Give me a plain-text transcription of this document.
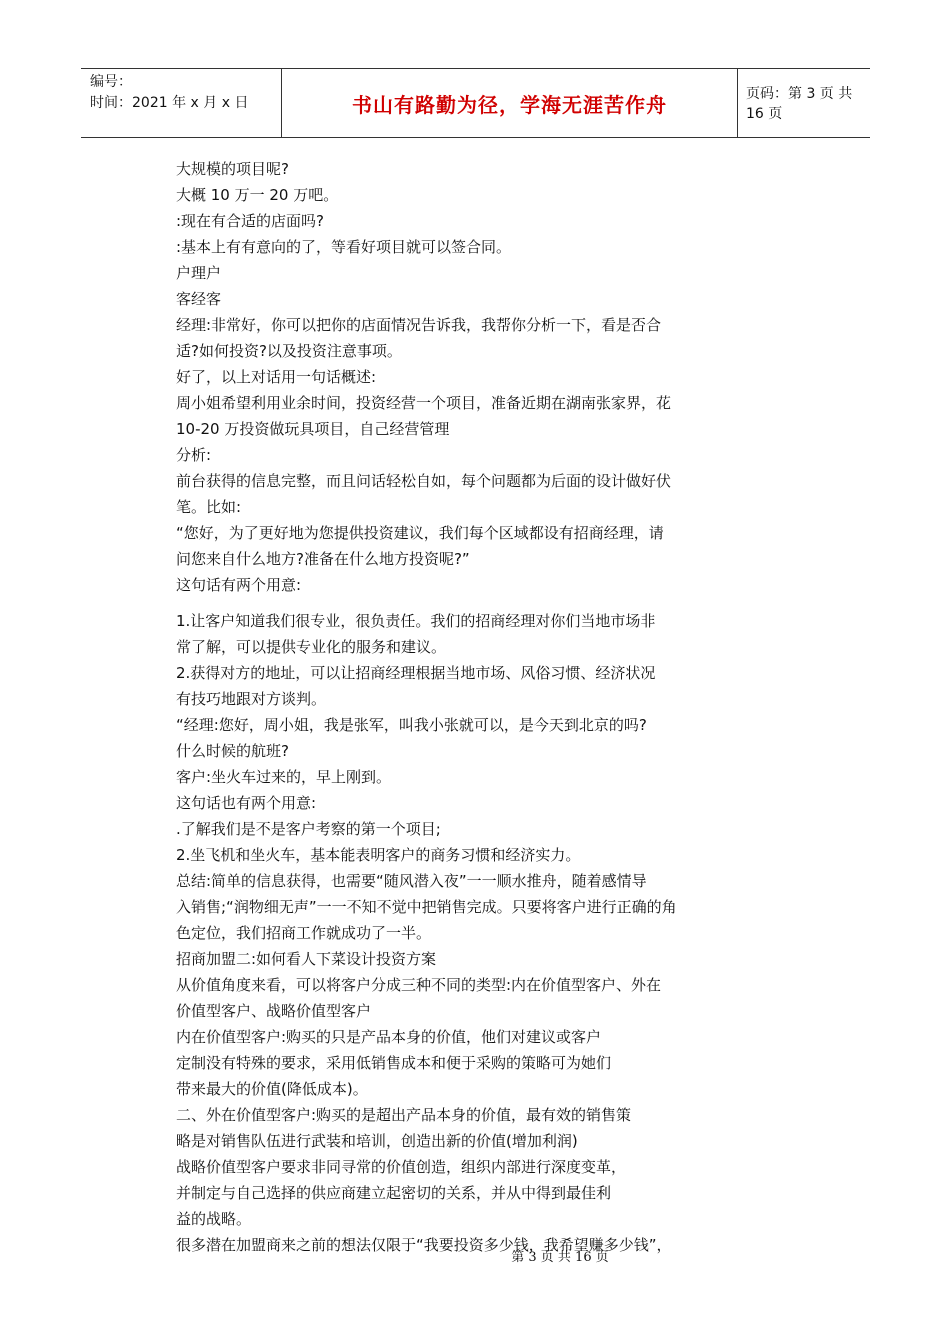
编号：
时间：2021 年 x 月 x 日	书山有路勤为径，学海无涯苦作舟	页码：第 3 页 共 16 页
大规模的项目呢?
大概 10 万一 20 万吧。
:现在有合适的店面吗?
:基本上有有意向的了，等看好项目就可以签合同。
户理户
客经客
经理:非常好，你可以把你的店面情况告诉我，我帮你分析一下，看是否合
适?如何投资?以及投资注意事项。
好了，以上对话用一句话概述:
周小姐希望利用业余时间，投资经营一个项目，准备近期在湖南张家界，花
10-20 万投资做玩具项目，自己经营管理
分析:
前台获得的信息完整，而且问话轻松自如，每个问题都为后面的设计做好伏
笔。比如:
“您好，为了更好地为您提供投资建议，我们每个区域都设有招商经理，请
问您来自什么地方?准备在什么地方投资呢?”
这句话有两个用意:
1.让客户知道我们很专业，很负责任。我们的招商经理对你们当地市场非
常了解，可以提供专业化的服务和建议。
2.获得对方的地址，可以让招商经理根据当地市场、风俗习惯、经济状况
有技巧地跟对方谈判。
“经理:您好，周小姐，我是张军，叫我小张就可以，是今天到北京的吗?
什么时候的航班?
客户:坐火车过来的，早上刚到。
这句话也有两个用意:
.了解我们是不是客户考察的第一个项目;
2.坐飞机和坐火车，基本能表明客户的商务习惯和经济实力。
总结:简单的信息获得，也需要“随风潜入夜”一一顺水推舟，随着感情导
入销售;“润物细无声”一一不知不觉中把销售完成。只要将客户进行正确的角
色定位，我们招商工作就成功了一半。
招商加盟二:如何看人下菜设计投资方案
从价值角度来看，可以将客户分成三种不同的类型:内在价值型客户、外在
价值型客户、战略价值型客户
内在价值型客户:购买的只是产品本身的价值，他们对建议或客户
定制没有特殊的要求，采用低销售成本和便于采购的策略可为她们
带来最大的价值(降低成本)。
二、外在价值型客户:购买的是超出产品本身的价值，最有效的销售策
略是对销售队伍进行武装和培训，创造出新的价值(增加利润)
战略价值型客户要求非同寻常的价值创造，组织内部进行深度变革，
并制定与自己选择的供应商建立起密切的关系，并从中得到最佳利
益的战略。
很多潜在加盟商来之前的想法仅限于“我要投资多少钱，我希望赚多少钱”，
第 3 页 共 16 页
